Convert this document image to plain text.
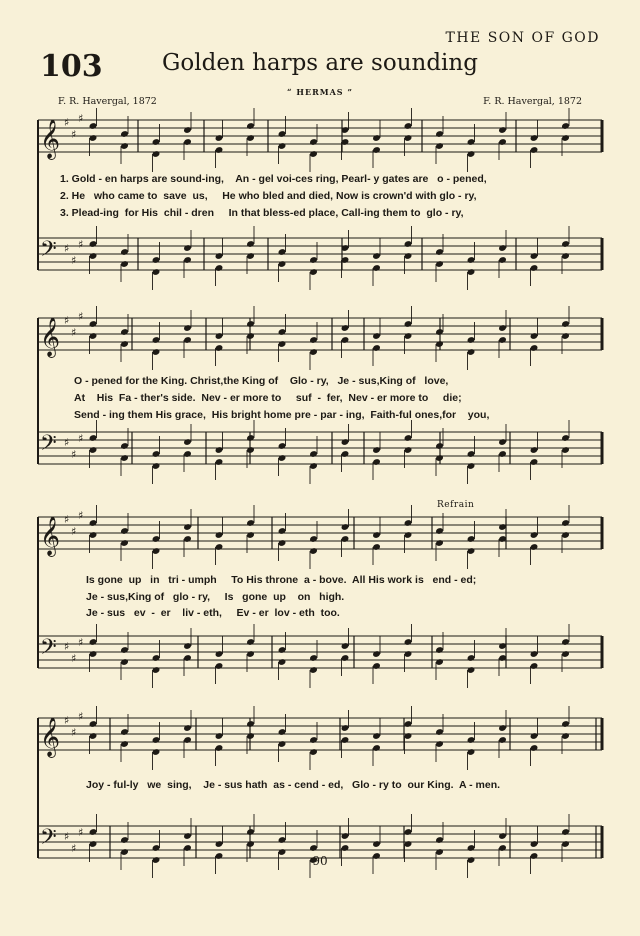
THE SON OF GOD
103	Golden harps are sounding
“ HERMAS ”
F. R. Havergal, 1872	F. R. Havergal, 1872
𝄞 ♯
♯
♯
𝄢 ♯
♯
♯
𝄞 ♯
♯
♯
𝄢 ♯
♯
♯
𝄞 ♯
♯
♯
𝄢 ♯
♯
♯
𝄞 ♯
♯
♯
𝄢 ♯
♯
♯
1. Gold - en harps are sound-ing,    An - gel voi-ces ring, Pearl- y gates are   o - pened,
2. He   who came to  save  us,     He who bled and died, Now is crown'd with glo - ry,
3. Plead-ing  for His  chil - dren     In that bless-ed place, Call-ing them to  glo - ry,
O - pened for the King. Christ,the King of    Glo - ry,   Je - sus,King of   love,
At    His  Fa - ther's side.  Nev - er more to     suf  -  fer,  Nev - er more to     die;
Send - ing them His grace,  His bright home pre - par - ing,  Faith-ful ones,for    you,
Refrain
Is gone  up   in   tri - umph     To His throne  a - bove.  All His work is   end - ed;
Je - sus,King of   glo - ry,     Is   gone  up    on   high.
Je - sus   ev  -  er    liv - eth,     Ev - er  lov - eth  too.
Joy - ful-ly   we  sing,    Je - sus hath  as - cend - ed,   Glo - ry to  our King.  A - men.
90
